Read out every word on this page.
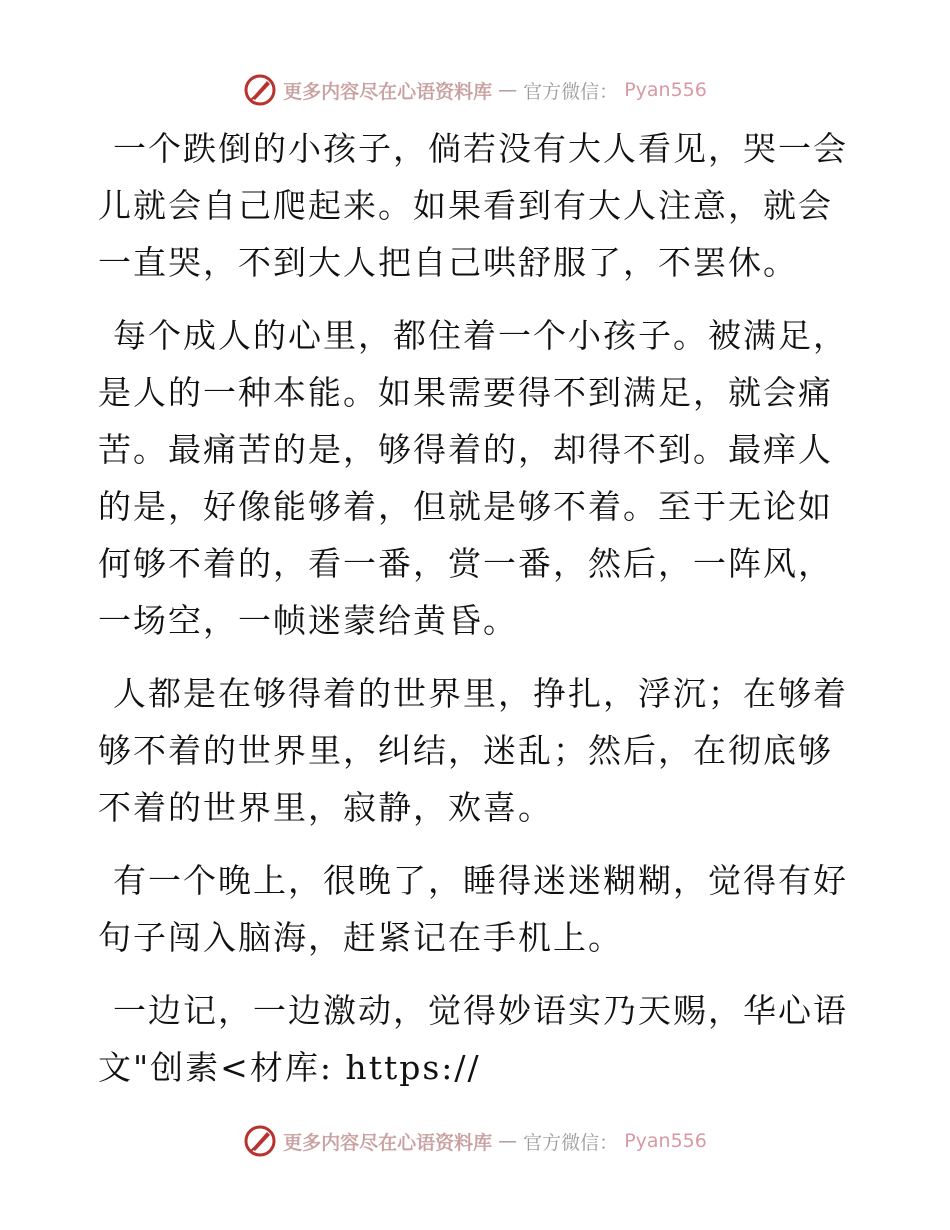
更多内容尽在心语资料库 — 官方微信： Pyan556

一个跌倒的小孩子，倘若没有大人看见，哭一会儿就会自己爬起来。如果看到有大人注意，就会一直哭，不到大人把自己哄舒服了，不罢休。

每个成人的心里，都住着一个小孩子。被满足，是人的一种本能。如果需要得不到满足，就会痛苦。最痛苦的是，够得着的，却得不到。最痒人的是，好像能够着，但就是够不着。至于无论如何够不着的，看一番，赏一番，然后，一阵风，一场空，一帧迷蒙给黄昏。

人都是在够得着的世界里，挣扎，浮沉；在够着够不着的世界里，纠结，迷乱；然后，在彻底够不着的世界里，寂静，欢喜。

有一个晚上，很晚了，睡得迷迷糊糊，觉得有好句子闯入脑海，赶紧记在手机上。

一边记，一边激动，觉得妙语实乃天赐，华心语文"创素<材库: https://

更多内容尽在心语资料库 — 官方微信： Pyan556
